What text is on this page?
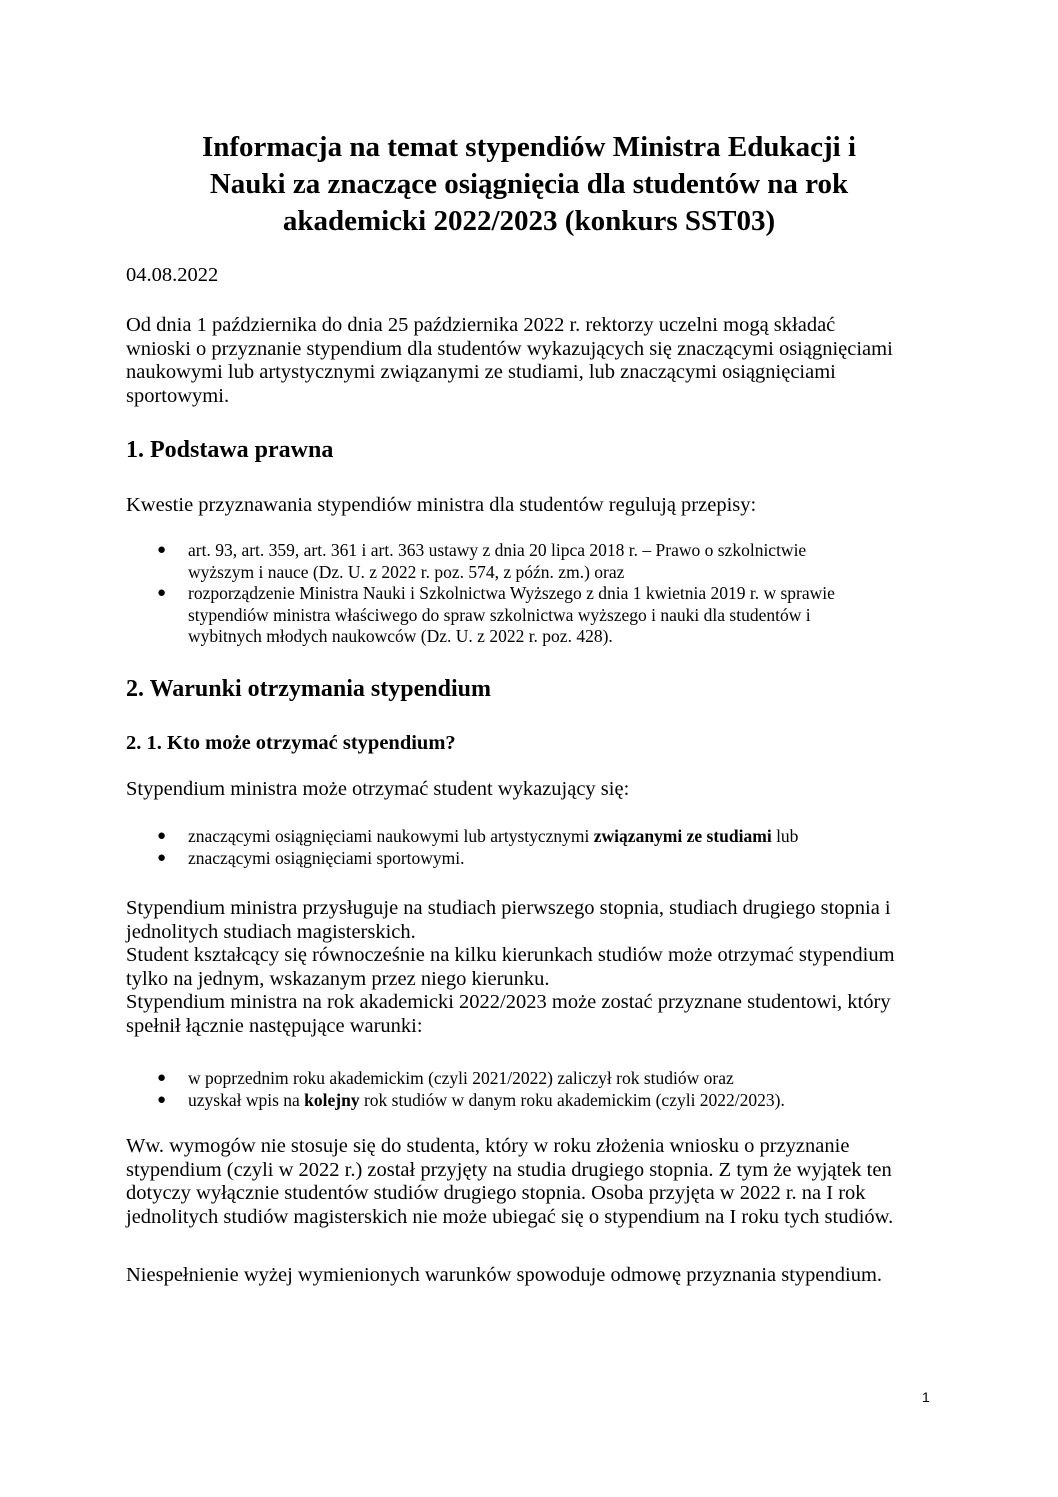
Informacja na temat stypendiów Ministra Edukacji i
Nauki za znaczące osiągnięcia dla studentów na rok
akademicki 2022/2023 (konkurs SST03)

04.08.2022

Od dnia 1 października do dnia 25 października 2022 r. rektorzy uczelni mogą składać
wnioski o przyznanie stypendium dla studentów wykazujących się znaczącymi osiągnięciami
naukowymi lub artystycznymi związanymi ze studiami, lub znaczącymi osiągnięciami
sportowymi.

1. Podstawa prawna

Kwestie przyznawania stypendiów ministra dla studentów regulują przepisy:

● art. 93, art. 359, art. 361 i art. 363 ustawy z dnia 20 lipca 2018 r. – Prawo o szkolnictwie
wyższym i nauce (Dz. U. z 2022 r. poz. 574, z późn. zm.) oraz
● rozporządzenie Ministra Nauki i Szkolnictwa Wyższego z dnia 1 kwietnia 2019 r. w sprawie
stypendiów ministra właściwego do spraw szkolnictwa wyższego i nauki dla studentów i
wybitnych młodych naukowców (Dz. U. z 2022 r. poz. 428).
2. Warunki otrzymania stypendium
2. 1. Kto może otrzymać stypendium?

Stypendium ministra może otrzymać student wykazujący się:

● znaczącymi osiągnięciami naukowymi lub artystycznymi związanymi ze studiami lub
● znaczącymi osiągnięciami sportowymi.

Stypendium ministra przysługuje na studiach pierwszego stopnia, studiach drugiego stopnia i
jednolitych studiach magisterskich.
Student kształcący się równocześnie na kilku kierunkach studiów może otrzymać stypendium
tylko na jednym, wskazanym przez niego kierunku.
Stypendium ministra na rok akademicki 2022/2023 może zostać przyznane studentowi, który
spełnił łącznie następujące warunki:

● w poprzednim roku akademickim (czyli 2021/2022) zaliczył rok studiów oraz
● uzyskał wpis na kolejny rok studiów w danym roku akademickim (czyli 2022/2023).

Ww. wymogów nie stosuje się do studenta, który w roku złożenia wniosku o przyznanie
stypendium (czyli w 2022 r.) został przyjęty na studia drugiego stopnia. Z tym że wyjątek ten
dotyczy wyłącznie studentów studiów drugiego stopnia. Osoba przyjęta w 2022 r. na I rok
jednolitych studiów magisterskich nie może ubiegać się o stypendium na I roku tych studiów.

Niespełnienie wyżej wymienionych warunków spowoduje odmowę przyznania stypendium.

1
